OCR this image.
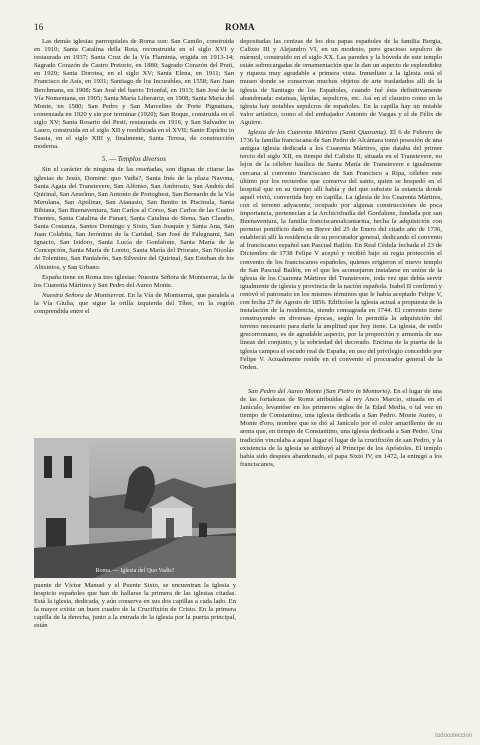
16	ROMA

Las demás iglesias parroquiales de Roma son: San Camilo, construida en 1910; Santa Catalina della Rota, reconstruida en el siglo XVI y restaurada en 1937; Santa Cruz de la Vía Flaminia, erigida en 1913-14; Sagrado Corazón de Castro Pretorio, en 1880; Sagrado Corazón del Prati, en 1920; Santa Dorotea, en el siglo XV; Santa Elena, en 1911; San Francisco de Asís, en 1931; Santiago de los Incurables, en 1558; San Juan Berchmans, en 1908; San José del barrio Trionfal, en 1913; San José de la Vía Nomentana, en 1905; Santa María Liberatriz, en 1908; Santa María del Monte, en 1580; San Pedro y San Marcelino de Porte Pignattara, comenzada en 1920 y sin por terminar (1920); San Roque, construida en el siglo XV; Santa Rosario del Pesti, restaurada en 1916, y San Salvador in Lauro, construida en el siglo XII y reedificada en el XVII; Santo Espíritu in Sassia, en el siglo XIII y, finalmente, Santa Teresa, de construcción moderna.

5. — Templos diversos

Sin el carácter de ninguna de las reseñadas, son dignas de citarse las iglesias de Jesús, Domine: quo Vadis?, Santa Inés de la plaza Navona, Santa Agata del Transtevere, San Alfonso, San Ambrosio, San Andrés del Quirinal, San Anselmo, San Antonio de Portoghesi, San Bernardo de la Vía Merulana, San Apolinar, San Atanasio, San Benito in Piscinula, Santa Bibiana, San Buenaventura, San Carlos al Corso, San Carlos de las Cuatro Fuentes, Santa Catalina de Funari, Santa Catalina de Siena, San Claudio, Santa Costanza, Santos Domingo y Sixto, San Joaquín y Santa Ana, San Juan Colabita, San Jerónimo de la Caridad, San José de Falegnami, San Ignacio, San Isidoro, Santa Lucía de Gonfalone, Santa María de la Concepción, Santa María de Loreto, Santa María del Priorato, San Nicolás de Tolentino, San Pantaleón, San Silvestre del Quirinal, San Esteban de los Abisinios, y San Urbano.

España tiene en Roma tres iglesias: Nuestra Señora de Montserrat, la de los Cuarenta Mártires y San Pedro del Aureo Monte.

Nuestra Señora de Montserrat. En la Vía de Montserrat, que paralela a la Vía Giulia, que sigue la orilla izquierda del Tíber, en la región comprendida entre el

Roma. — Iglesia del Quo Vadis?
puente de Víctor Manuel y el Puente Sixto, se encuentran la iglesia y hospicio españoles que han de hallarse la primera de las iglesias citadas. Está la iglesia, dedicada, y aún conserva en sus dos capillas a cada lado. En la mayor existe un buen cuadro de la Crucifixión de Cristo. En la primera capilla de la derecha, junto a la entrada de la iglesia por la puerta principal, están

depositadas las cenizas de los dos papas españoles de la familia Borgia, Calixto III y Alejandro VI, en un modesto, pero gracioso sepulcro de mármol, construido en el siglo XX. Las paredes y la bóveda de este templo están sobrecargadas de ornamentación que le dan un aspecto de esplendidez y riqueza muy agradable a primera vista. Inmediato a la iglesia está el museo donde se conservan muchos objetos de arte trasladados allí de la iglesia de Santiago de los Españoles, cuando fué ésta definitivamente abandonada: estatuas, lápidas, sepulcros, etc. Así en el claustro como en la iglesia hay notables sepulcros de españoles. En la capilla hay un notable valor artístico, como el del embajador Antonio de Vargas y el de Félix de Aguirre.

Iglesia de los Cuarenta Mártires (Santi Quaranta). El 6 de Febrero de 1736 la familia franciscana de San Pedro de Alcántara tomó posesión de una antigua iglesia dedicada a los Cuarenta Mártires, que databa del primer tercio del siglo XII, en tiempo del Calixto II, situada en el Transtevere, no lejos de la célebre basílica de Santa María de Transtevere e igualmente cercana al convento franciscano de San Francisco a Ripa, célebre este último por los recuerdos que conserva del santo, quien se hospedó en el hospital que en su tiempo allí había y del que subsiste la estancia donde aquél vivió, convertida hoy en capilla. La iglesia de los Cuarenta Mártires, con el terreno adyacente, ocupado por algunas construcciones de poca importancia, pertenecían a la Archicofradía del Gonfalone, fundada por san Buenaventura, la familia franciscanoalcantarina, hecha la adquisición con permiso pontificio dado en Breve del 25 de Enero del citado año de 1736, estableció allí la residencia de su procurador general, dedicando el convento al franciscano español san Pascual Bailón. En Real Cédula fechada el 23 de Diciembre de 1738 Felipe V aceptó y recibió bajo su regia protección el convento de los franciscanos españoles, quienes erigieron el nuevo templo de San Pascual Bailón, en el que les aconsejaron instalarse en unión de la iglesia de los Cuarenta Mártires del Transtevere, toda vez que debía servir igualmente de iglesia y provincia de la nación española. Isabel II confirmó y renovó el patronato en los mismos términos que le había aceptado Felipe V, con fecha 27 de Agosto de 1856. Edificóse la iglesia actual a propuesta de la instalación de la residencia, siendo consagrada en 1744. El convento tiene construyendo en diversas épocas, según lo permitía la adquisición del terreno necesario para darle la amplitud que hoy tiene. La iglesia, de estilo grecorromano, es de agradable aspecto, por la proporción y armonía de sus líneas del conjunto, y la sobriedad del decorado. Encima de la puerta de la iglesia campea el escudo real de España, en uso del privilegio concedido por Felipe V. Actualmente reside en el convento el procurador general de la Orden.

San Pedro del Aureo Monte (San Pietro in Montorio). En el lugar de una de las fortalezas de Roma atribuídas al rey Anco Marcio, situada en el Janículo, levantóse en los primeros siglos de la Edad Media, o tal vez en tiempo de Constantino, una iglesia dedicada a San Pedro. Monte Aureo, o Monte d'oro, nombre que se dió al Janículo por el color amarillento de su arena que, en tiempo de Constantino, una iglesia dedicada a San Pedro. Una tradición vinculaba a aquel lugar el lugar de la crucifixión de san Pedro, y la existencia de la iglesia se atribuyó al Príncipe de los Apóstoles. El templo había sido después abandonado, el papa Sixto IV, en 1472, la entregó a los franciscanos,

todocoleccion
